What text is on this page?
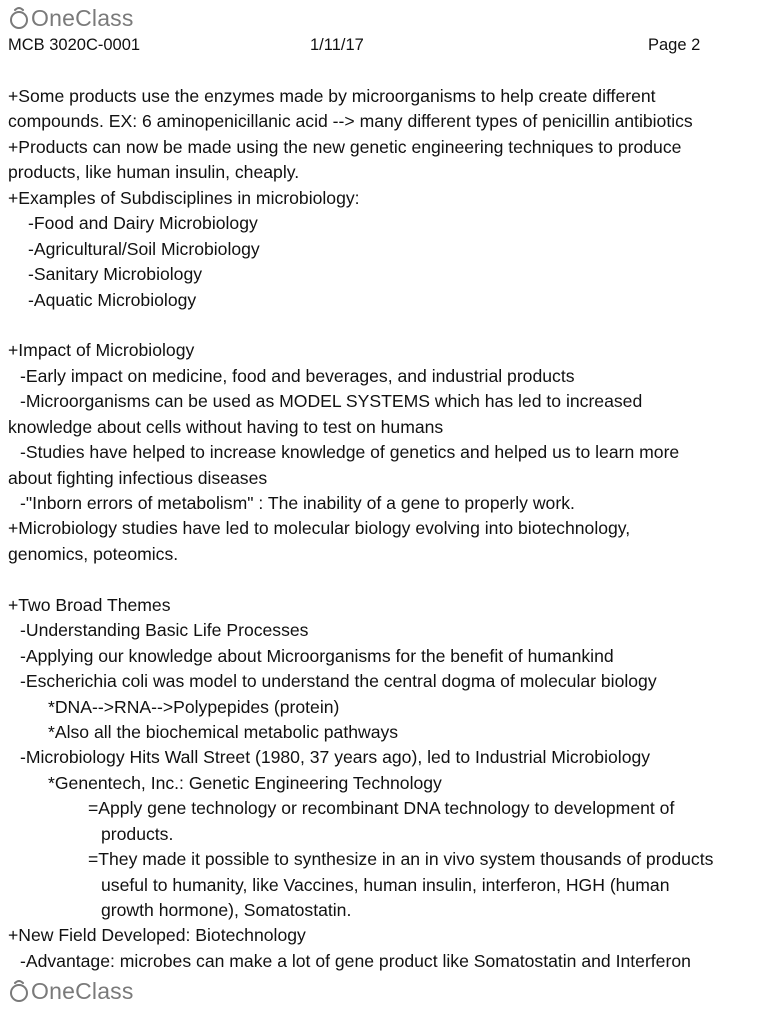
OneClass
MCB 3020C-0001	1/11/17	Page 2
+Some products use the enzymes made by microorganisms to help create different
compounds. EX: 6 aminopenicillanic acid --> many different types of penicillin antibiotics
+Products can now be made using the new genetic engineering techniques to produce
products, like human insulin, cheaply.
+Examples of Subdisciplines in microbiology:
-Food and Dairy Microbiology
-Agricultural/Soil Microbiology
-Sanitary Microbiology
-Aquatic Microbiology
+Impact of Microbiology
-Early impact on medicine, food and beverages, and industrial products
-Microorganisms can be used as MODEL SYSTEMS which has led to increased
knowledge about cells without having to test on humans
-Studies have helped to increase knowledge of genetics and helped us to learn more
about fighting infectious diseases
-"Inborn errors of metabolism" : The inability of a gene to properly work.
+Microbiology studies have led to molecular biology evolving into biotechnology,
genomics, poteomics.
+Two Broad Themes
-Understanding Basic Life Processes
-Applying our knowledge about Microorganisms for the benefit of humankind
-Escherichia coli was model to understand the central dogma of molecular biology
*DNA-->RNA-->Polypepides (protein)
*Also all the biochemical metabolic pathways
-Microbiology Hits Wall Street (1980, 37 years ago), led to Industrial Microbiology
*Genentech, Inc.: Genetic Engineering Technology
=Apply gene technology or recombinant DNA technology to development of
products.
=They made it possible to synthesize in an in vivo system thousands of products
useful to humanity, like Vaccines, human insulin, interferon, HGH (human
growth hormone), Somatostatin.
+New Field Developed: Biotechnology
-Advantage: microbes can make a lot of gene product like Somatostatin and Interferon
OneClass
